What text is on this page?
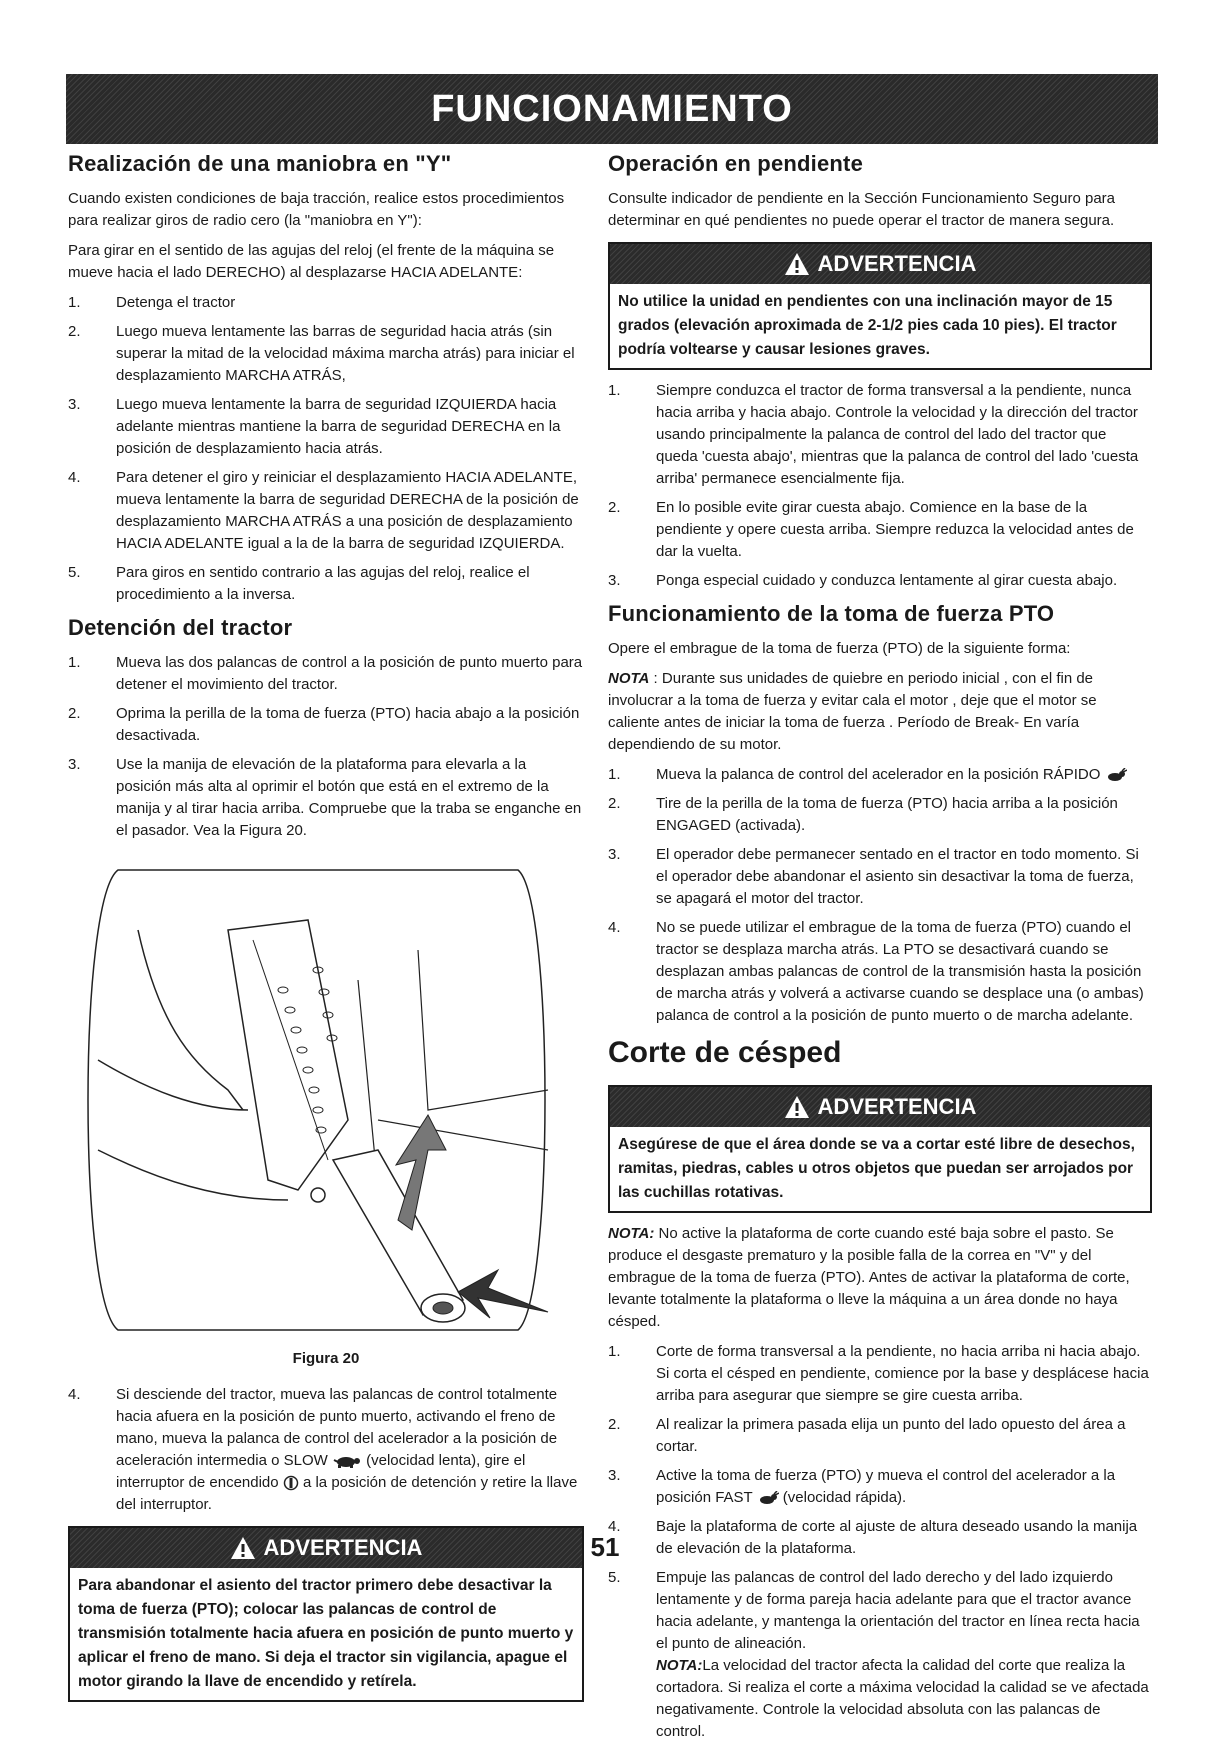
FUNCIONAMIENTO
Realización de una maniobra en "Y"

Cuando existen condiciones de baja tracción, realice estos procedimientos para realizar giros de radio cero (la "maniobra en Y"):

Para girar en el sentido de las agujas del reloj (el frente de la máquina se mueve hacia el lado DERECHO) al desplazarse HACIA ADELANTE:

1.	Detenga el tractor
2.	Luego mueva lentamente las barras de seguridad hacia atrás (sin superar la mitad de la velocidad máxima marcha atrás) para iniciar el desplazamiento MARCHA ATRÁS,
3.	Luego mueva lentamente la barra de seguridad IZQUIERDA hacia adelante mientras mantiene la barra de seguridad DERECHA en la posición de desplazamiento hacia atrás.
4.	Para detener el giro y reiniciar el desplazamiento HACIA ADELANTE, mueva lentamente la barra de seguridad DERECHA de la posición de desplazamiento MARCHA ATRÁS a una posición de desplazamiento HACIA ADELANTE igual a la de la barra de seguridad IZQUIERDA.
5.	Para giros en sentido contrario a las agujas del reloj, realice el procedimiento a la inversa.
Detención del tractor
1.	Mueva las dos palancas de control a la posición de punto muerto para detener el movimiento del tractor.
2.	Oprima la perilla de la toma de fuerza (PTO) hacia abajo a la posición desactivada.
3.	Use la manija de elevación de la plataforma para elevarla a la posición más alta al oprimir el botón que está en el extremo de la manija y al tirar hacia arriba. Compruebe que la traba se enganche en el pasador. Vea la Figura 20.
Figura 20
4.	Si desciende del tractor, mueva las palancas de control totalmente hacia afuera en la posición de punto muerto, activando el freno de mano, mueva la palanca de control del acelerador a la posición de aceleración intermedia o SLOW	(velocidad lenta), gire el interruptor de encendido a la posición de detención y retire la llave del interruptor.
ADVERTENCIA
Para abandonar el asiento del tractor primero debe desactivar la toma de fuerza (PTO); colocar las palancas de control de transmisión totalmente hacia afuera en posición de punto muerto y aplicar el freno de mano. Si deja el tractor sin vigilancia, apague el motor girando la llave de encendido y retírela.
Operación en pendiente

Consulte indicador de pendiente en la Sección Funcionamiento Seguro para determinar en qué pendientes no puede operar el tractor de manera segura.

ADVERTENCIA
No utilice la unidad en pendientes con una inclinación mayor de 15 grados (elevación aproximada de 2-1/2 pies cada 10 pies). El tractor podría voltearse y causar lesiones graves.
1.	Siempre conduzca el tractor de forma transversal a la pendiente, nunca hacia arriba y hacia abajo. Controle la velocidad y la dirección del tractor usando principalmente la palanca de control del lado del tractor que queda 'cuesta abajo', mientras que la palanca de control del lado 'cuesta arriba' permanece esencialmente fija.
2.	En lo posible evite girar cuesta abajo. Comience en la base de la pendiente y opere cuesta arriba. Siempre reduzca la velocidad antes de dar la vuelta.
3.	Ponga especial cuidado y conduzca lentamente al girar cuesta abajo.
Funcionamiento de la toma de fuerza PTO

Opere el embrague de la toma de fuerza (PTO) de la siguiente forma:

NOTA : Durante sus unidades de quiebre en periodo inicial , con el fin de involucrar a la toma de fuerza y evitar cala el motor , deje que el motor se caliente antes de iniciar la toma de fuerza . Período de Break- En varía dependiendo de su motor.

1.	Mueva la palanca de control del acelerador en la posición RÁPIDO
2.	Tire de la perilla de la toma de fuerza (PTO) hacia arriba a la posición ENGAGED (activada).
3.	El operador debe permanecer sentado en el tractor en todo momento. Si el operador debe abandonar el asiento sin desactivar la toma de fuerza, se apagará el motor del tractor.
4.	No se puede utilizar el embrague de la toma de fuerza (PTO) cuando el tractor se desplaza marcha atrás. La PTO se desactivará cuando se desplazan ambas palancas de control de la transmisión hasta la posición de marcha atrás y volverá a activarse cuando se desplace una (o ambas) palanca de control a la posición de punto muerto o de marcha adelante.
Corte de césped
ADVERTENCIA
Asegúrese de que el área donde se va a cortar esté libre de desechos, ramitas, piedras, cables u otros objetos que puedan ser arrojados por las cuchillas rotativas.

NOTA: No active la plataforma de corte cuando esté baja sobre el pasto. Se produce el desgaste prematuro y la posible falla de la correa en "V" y del embrague de la toma de fuerza (PTO). Antes de activar la plataforma de corte, levante totalmente la plataforma o lleve la máquina a un área donde no haya césped.

1.	Corte de forma transversal a la pendiente, no hacia arriba ni hacia abajo. Si corta el césped en pendiente, comience por la base y desplácese hacia arriba para asegurar que siempre se gire cuesta arriba.
2.	Al realizar la primera pasada elija un punto del lado opuesto del área a cortar.
3.	Active la toma de fuerza (PTO) y mueva el control del acelerador a la posición FAST (velocidad rápida).
4.	Baje la plataforma de corte al ajuste de altura deseado usando la manija de elevación de la plataforma.
5.	Empuje las palancas de control del lado derecho y del lado izquierdo lentamente y de forma pareja hacia adelante para que el tractor avance hacia adelante, y mantenga la orientación del tractor en línea recta hacia el punto de alineación.
NOTA:La velocidad del tractor afecta la calidad del corte que realiza la cortadora. Si realiza el corte a máxima velocidad la calidad se ve afectada negativamente. Controle la velocidad absoluta con las palancas de control.
51
